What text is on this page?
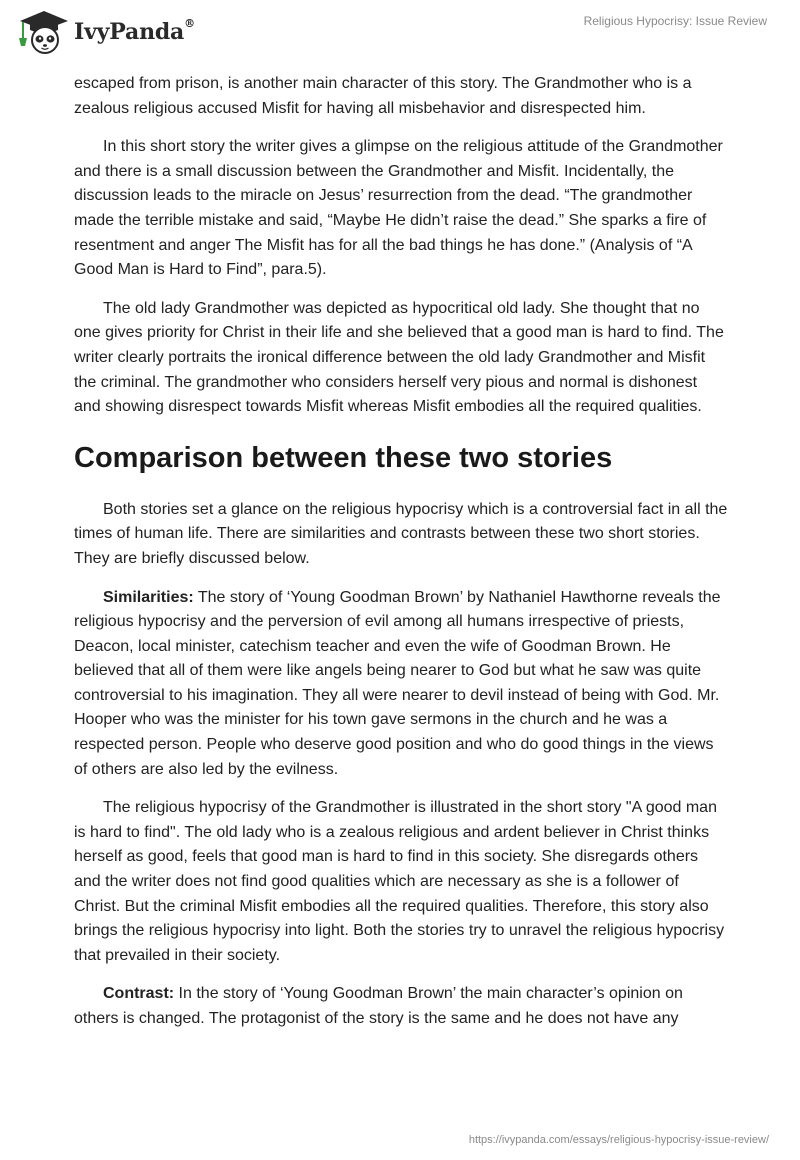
IvyPanda®	Religious Hypocrisy: Issue Review

escaped from prison, is another main character of this story. The Grandmother who is a zealous religious accused Misfit for having all misbehavior and disrespected him.

In this short story the writer gives a glimpse on the religious attitude of the Grandmother and there is a small discussion between the Grandmother and Misfit. Incidentally, the discussion leads to the miracle on Jesus’ resurrection from the dead. “The grandmother made the terrible mistake and said, “Maybe He didn’t raise the dead.” She sparks a fire of resentment and anger The Misfit has for all the bad things he has done.” (Analysis of “A Good Man is Hard to Find”, para.5).

The old lady Grandmother was depicted as hypocritical old lady. She thought that no one gives priority for Christ in their life and she believed that a good man is hard to find. The writer clearly portraits the ironical difference between the old lady Grandmother and Misfit the criminal. The grandmother who considers herself very pious and normal is dishonest and showing disrespect towards Misfit whereas Misfit embodies all the required qualities.

Comparison between these two stories

Both stories set a glance on the religious hypocrisy which is a controversial fact in all the times of human life. There are similarities and contrasts between these two short stories. They are briefly discussed below.

Similarities: The story of ‘Young Goodman Brown’ by Nathaniel Hawthorne reveals the religious hypocrisy and the perversion of evil among all humans irrespective of priests, Deacon, local minister, catechism teacher and even the wife of Goodman Brown. He believed that all of them were like angels being nearer to God but what he saw was quite controversial to his imagination. They all were nearer to devil instead of being with God. Mr. Hooper who was the minister for his town gave sermons in the church and he was a respected person. People who deserve good position and who do good things in the views of others are also led by the evilness.

The religious hypocrisy of the Grandmother is illustrated in the short story "A good man is hard to find". The old lady who is a zealous religious and ardent believer in Christ thinks herself as good, feels that good man is hard to find in this society. She disregards others and the writer does not find good qualities which are necessary as she is a follower of Christ. But the criminal Misfit embodies all the required qualities. Therefore, this story also brings the religious hypocrisy into light. Both the stories try to unravel the religious hypocrisy that prevailed in their society.

Contrast: In the story of ‘Young Goodman Brown’ the main character’s opinion on others is changed. The protagonist of the story is the same and he does not have any

https://ivypanda.com/essays/religious-hypocrisy-issue-review/
